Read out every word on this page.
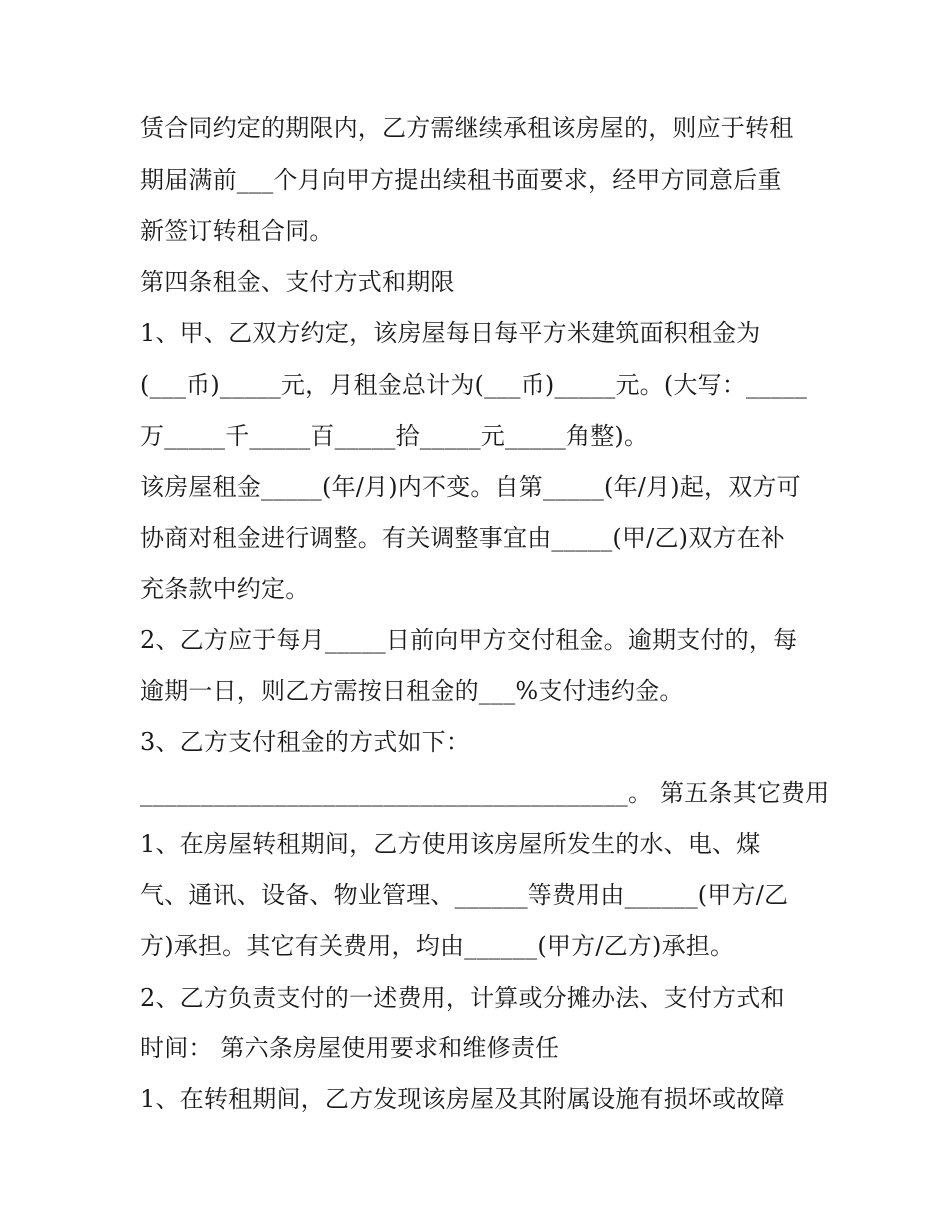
赁合同约定的期限内，乙方需继续承租该房屋的，则应于转租
期届满前___个月向甲方提出续租书面要求，经甲方同意后重
新签订转租合同。
第四条租金、支付方式和期限
1、甲、乙双方约定，该房屋每日每平方米建筑面积租金为
(___币)_____元，月租金总计为(___币)_____元。(大写：_____
万_____千_____百_____拾_____元_____角整)。
该房屋租金_____(年/月)内不变。自第_____(年/月)起，双方可
协商对租金进行调整。有关调整事宜由_____(甲/乙)双方在补
充条款中约定。
2、乙方应于每月_____日前向甲方交付租金。逾期支付的，每
逾期一日，则乙方需按日租金的___%支付违约金。
3、乙方支付租金的方式如下：
________________________________________。 第五条其它费用
1、在房屋转租期间，乙方使用该房屋所发生的水、电、煤
气、通讯、设备、物业管理、______等费用由______(甲方/乙
方)承担。其它有关费用，均由______(甲方/乙方)承担。
2、乙方负责支付的一述费用，计算或分摊办法、支付方式和
时间： 第六条房屋使用要求和维修责任
1、在转租期间，乙方发现该房屋及其附属设施有损坏或故障
